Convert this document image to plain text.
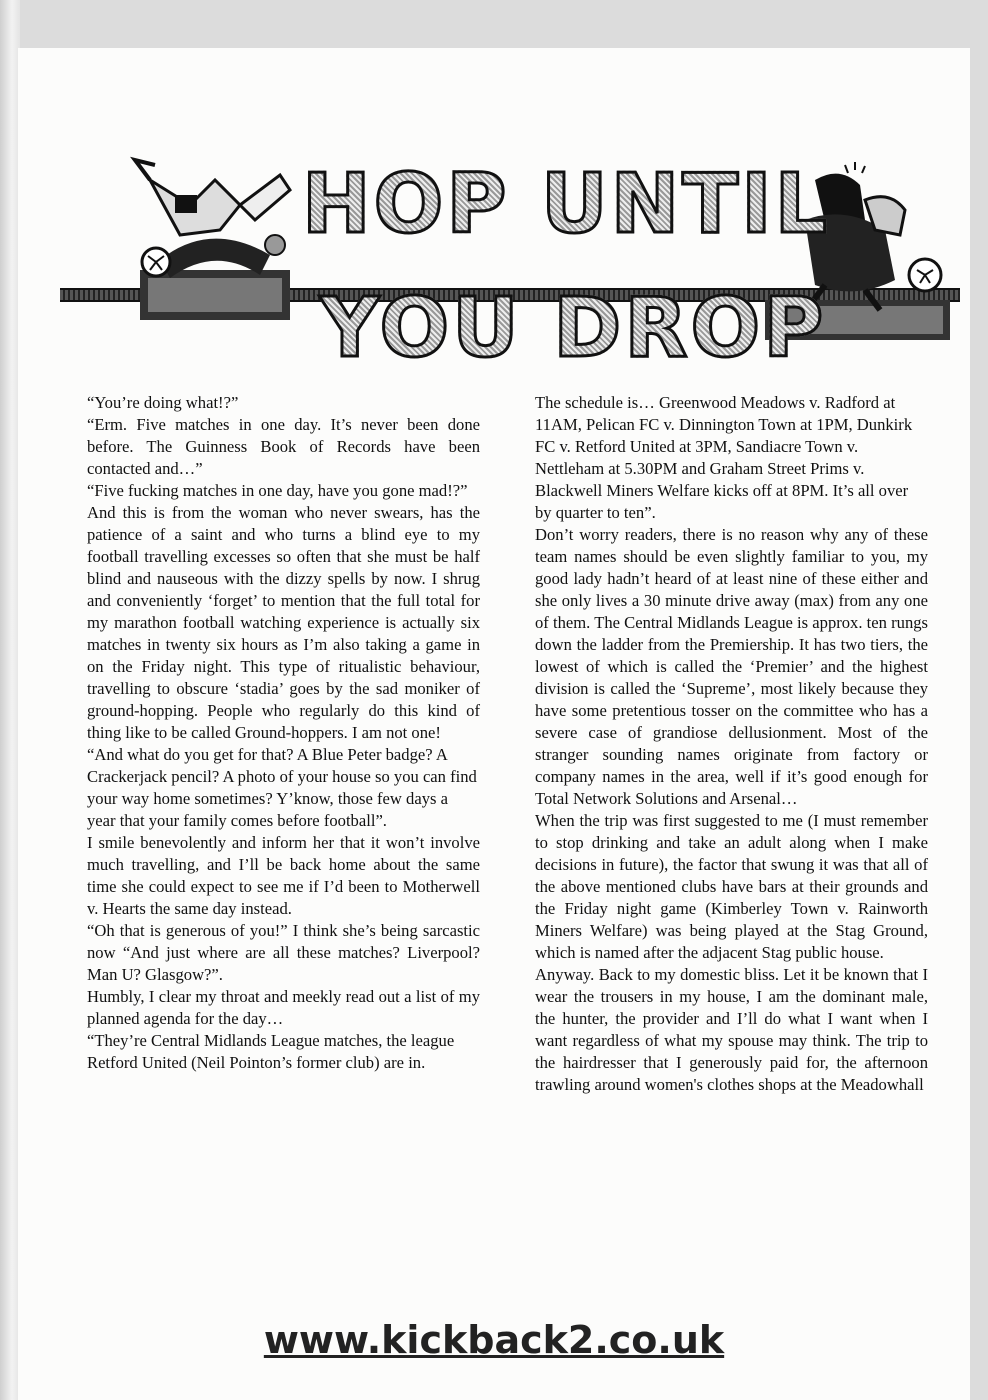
HOP UNTIL
YOU DROP

“You’re doing what!?”

“Erm. Five matches in one day. It’s never been done before. The Guinness Book of Records have been contacted and…”

“Five fucking matches in one day, have you gone mad!?”

And this is from the woman who never swears, has the patience of a saint and who turns a blind eye to my football travelling excesses so often that she must be half blind and nauseous with the dizzy spells by now. I shrug and conveniently ‘forget’ to mention that the full total for my marathon football watching experience is actually six matches in twenty six hours as I’m also taking a game in on the Friday night. This type of ritualistic behaviour, travelling to obscure ‘stadia’ goes by the sad moniker of ground-hopping. People who regularly do this kind of thing like to be called Ground-hoppers. I am not one!

“And what do you get for that? A Blue Peter badge? A Crackerjack pencil? A photo of your house so you can find your way home sometimes? Y’know, those few days a year that your family comes before football”.

I smile benevolently and inform her that it won’t involve much travelling, and I’ll be back home about the same time she could expect to see me if I’d been to Motherwell v. Hearts the same day instead.

“Oh that is generous of you!” I think she’s being sarcastic now “And just where are all these matches? Liverpool? Man U? Glasgow?”.

Humbly, I clear my throat and meekly read out a list of my planned agenda for the day…

“They’re Central Midlands League matches, the league Retford United (Neil Pointon’s former club) are in.

The schedule is… Greenwood Meadows v. Radford at 11AM, Pelican FC v. Dinnington Town at 1PM, Dunkirk FC v. Retford United at 3PM, Sandiacre Town v. Nettleham at 5.30PM and Graham Street Prims v. Blackwell Miners Welfare kicks off at 8PM. It’s all over by quarter to ten”.

Don’t worry readers, there is no reason why any of these team names should be even slightly familiar to you, my good lady hadn’t heard of at least nine of these either and she only lives a 30 minute drive away (max) from any one of them. The Central Midlands League is approx. ten rungs down the ladder from the Premiership. It has two tiers, the lowest of which is called the ‘Premier’ and the highest division is called the ‘Supreme’, most likely because they have some pretentious tosser on the committee who has a severe case of grandiose dellusionment. Most of the stranger sounding names originate from factory or company names in the area, well if it’s good enough for Total Network Solutions and Arsenal…

When the trip was first suggested to me (I must remember to stop drinking and take an adult along when I make decisions in future), the factor that swung it was that all of the above mentioned clubs have bars at their grounds and the Friday night game (Kimberley Town v. Rainworth Miners Welfare) was being played at the Stag Ground, which is named after the adjacent Stag public house.

Anyway. Back to my domestic bliss. Let it be known that I wear the trousers in my house, I am the dominant male, the hunter, the provider and I’ll do what I want when I want regardless of what my spouse may think. The trip to the hairdresser that I generously paid for, the afternoon trawling around women's clothes shops at the Meadowhall

www.kickback2.co.uk
